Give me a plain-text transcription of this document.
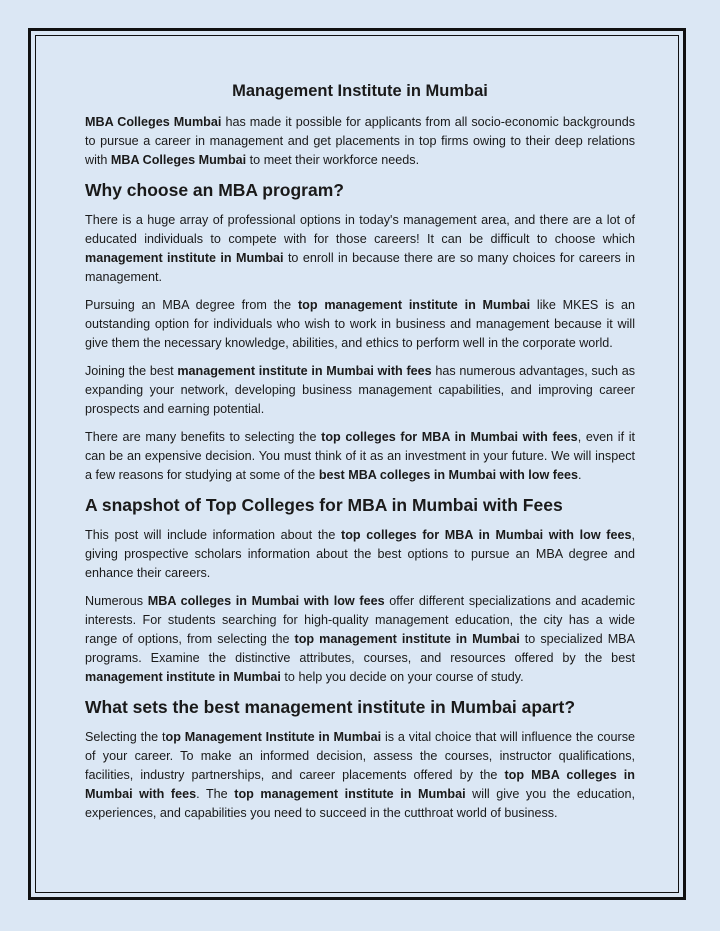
Management Institute in Mumbai

MBA Colleges Mumbai has made it possible for applicants from all socio-economic backgrounds to pursue a career in management and get placements in top firms owing to their deep relations with MBA Colleges Mumbai to meet their workforce needs.

Why choose an MBA program?

There is a huge array of professional options in today's management area, and there are a lot of educated individuals to compete with for those careers! It can be difficult to choose which management institute in Mumbai to enroll in because there are so many choices for careers in management.

Pursuing an MBA degree from the top management institute in Mumbai like MKES is an outstanding option for individuals who wish to work in business and management because it will give them the necessary knowledge, abilities, and ethics to perform well in the corporate world.

Joining the best management institute in Mumbai with fees has numerous advantages, such as expanding your network, developing business management capabilities, and improving career prospects and earning potential.

There are many benefits to selecting the top colleges for MBA in Mumbai with fees, even if it can be an expensive decision. You must think of it as an investment in your future. We will inspect a few reasons for studying at some of the best MBA colleges in Mumbai with low fees.

A snapshot of Top Colleges for MBA in Mumbai with Fees

This post will include information about the top colleges for MBA in Mumbai with low fees, giving prospective scholars information about the best options to pursue an MBA degree and enhance their careers.

Numerous MBA colleges in Mumbai with low fees offer different specializations and academic interests. For students searching for high-quality management education, the city has a wide range of options, from selecting the top management institute in Mumbai to specialized MBA programs. Examine the distinctive attributes, courses, and resources offered by the best management institute in Mumbai to help you decide on your course of study.

What sets the best management institute in Mumbai apart?

Selecting the top Management Institute in Mumbai is a vital choice that will influence the course of your career. To make an informed decision, assess the courses, instructor qualifications, facilities, industry partnerships, and career placements offered by the top MBA colleges in Mumbai with fees. The top management institute in Mumbai will give you the education, experiences, and capabilities you need to succeed in the cutthroat world of business.
